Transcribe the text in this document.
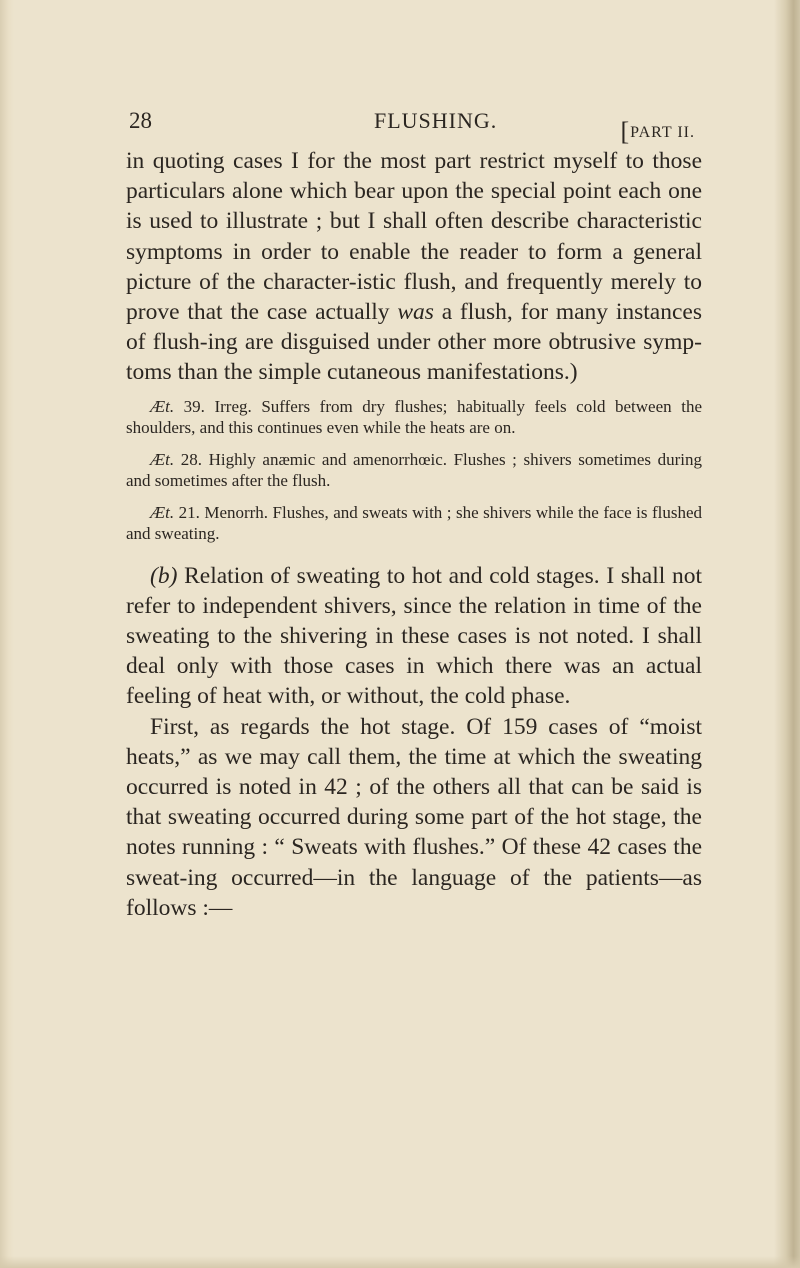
28	FLUSHING.	[PART II.

in quoting cases I for the most part restrict myself to those particulars alone which bear upon the special point each one is used to illustrate ; but I shall often describe characteristic symptoms in order to enable the reader to form a general picture of the character-istic flush, and frequently merely to prove that the case actually was a flush, for many instances of flush-ing are disguised under other more obtrusive symp-toms than the simple cutaneous manifestations.)

Æt. 39. Irreg. Suffers from dry flushes; habitually feels cold between the shoulders, and this continues even while the heats are on.

Æt. 28. Highly anæmic and amenorrhœic. Flushes ; shivers sometimes during and sometimes after the flush.

Æt. 21. Menorrh. Flushes, and sweats with ; she shivers while the face is flushed and sweating.

(b) Relation of sweating to hot and cold stages. I shall not refer to independent shivers, since the relation in time of the sweating to the shivering in these cases is not noted. I shall deal only with those cases in which there was an actual feeling of heat with, or without, the cold phase.

First, as regards the hot stage. Of 159 cases of “moist heats,” as we may call them, the time at which the sweating occurred is noted in 42 ; of the others all that can be said is that sweating occurred during some part of the hot stage, the notes running : “ Sweats with flushes.” Of these 42 cases the sweat-ing occurred—in the language of the patients—as follows :—
